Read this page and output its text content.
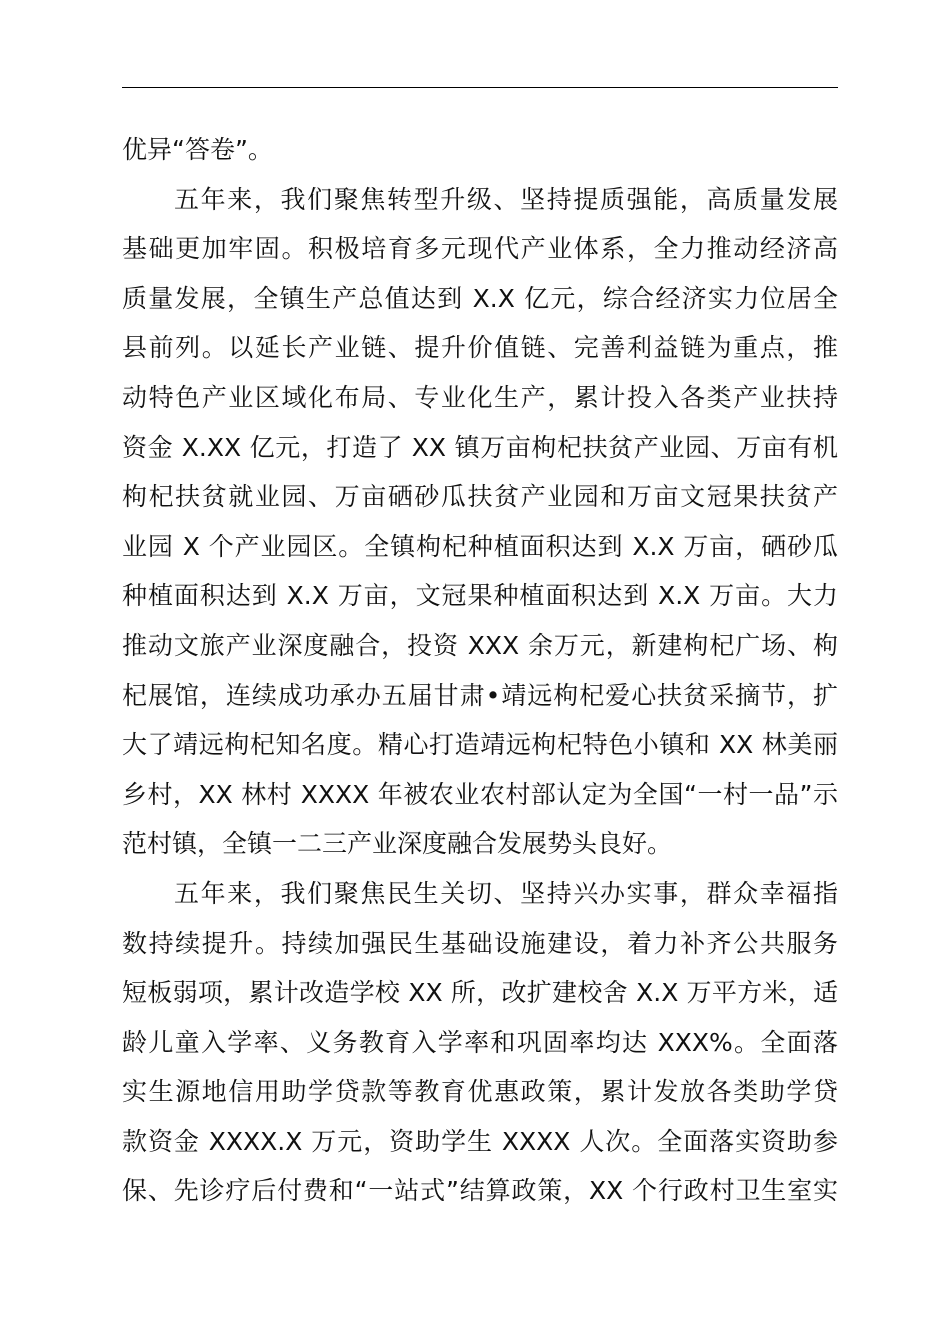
优异“答卷”。
五年来，我们聚焦转型升级、坚持提质强能，高质量发展
基础更加牢固。积极培育多元现代产业体系，全力推动经济高
质量发展，全镇生产总值达到 X.X 亿元，综合经济实力位居全
县前列。以延长产业链、提升价值链、完善利益链为重点，推
动特色产业区域化布局、专业化生产，累计投入各类产业扶持
资金 X.XX 亿元，打造了 XX 镇万亩枸杞扶贫产业园、万亩有机
枸杞扶贫就业园、万亩硒砂瓜扶贫产业园和万亩文冠果扶贫产
业园 X 个产业园区。全镇枸杞种植面积达到 X.X 万亩，硒砂瓜
种植面积达到 X.X 万亩，文冠果种植面积达到 X.X 万亩。大力
推动文旅产业深度融合，投资 XXX 余万元，新建枸杞广场、枸
杞展馆，连续成功承办五届甘肃•靖远枸杞爱心扶贫采摘节，扩
大了靖远枸杞知名度。精心打造靖远枸杞特色小镇和 XX 林美丽
乡村，XX 林村 XXXX 年被农业农村部认定为全国“一村一品”示
范村镇，全镇一二三产业深度融合发展势头良好。
五年来，我们聚焦民生关切、坚持兴办实事，群众幸福指
数持续提升。持续加强民生基础设施建设，着力补齐公共服务
短板弱项，累计改造学校 XX 所，改扩建校舍 X.X 万平方米，适
龄儿童入学率、义务教育入学率和巩固率均达 XXX%。全面落
实生源地信用助学贷款等教育优惠政策，累计发放各类助学贷
款资金 XXXX.X 万元，资助学生 XXXX 人次。全面落实资助参
保、先诊疗后付费和“一站式”结算政策，XX 个行政村卫生室实
